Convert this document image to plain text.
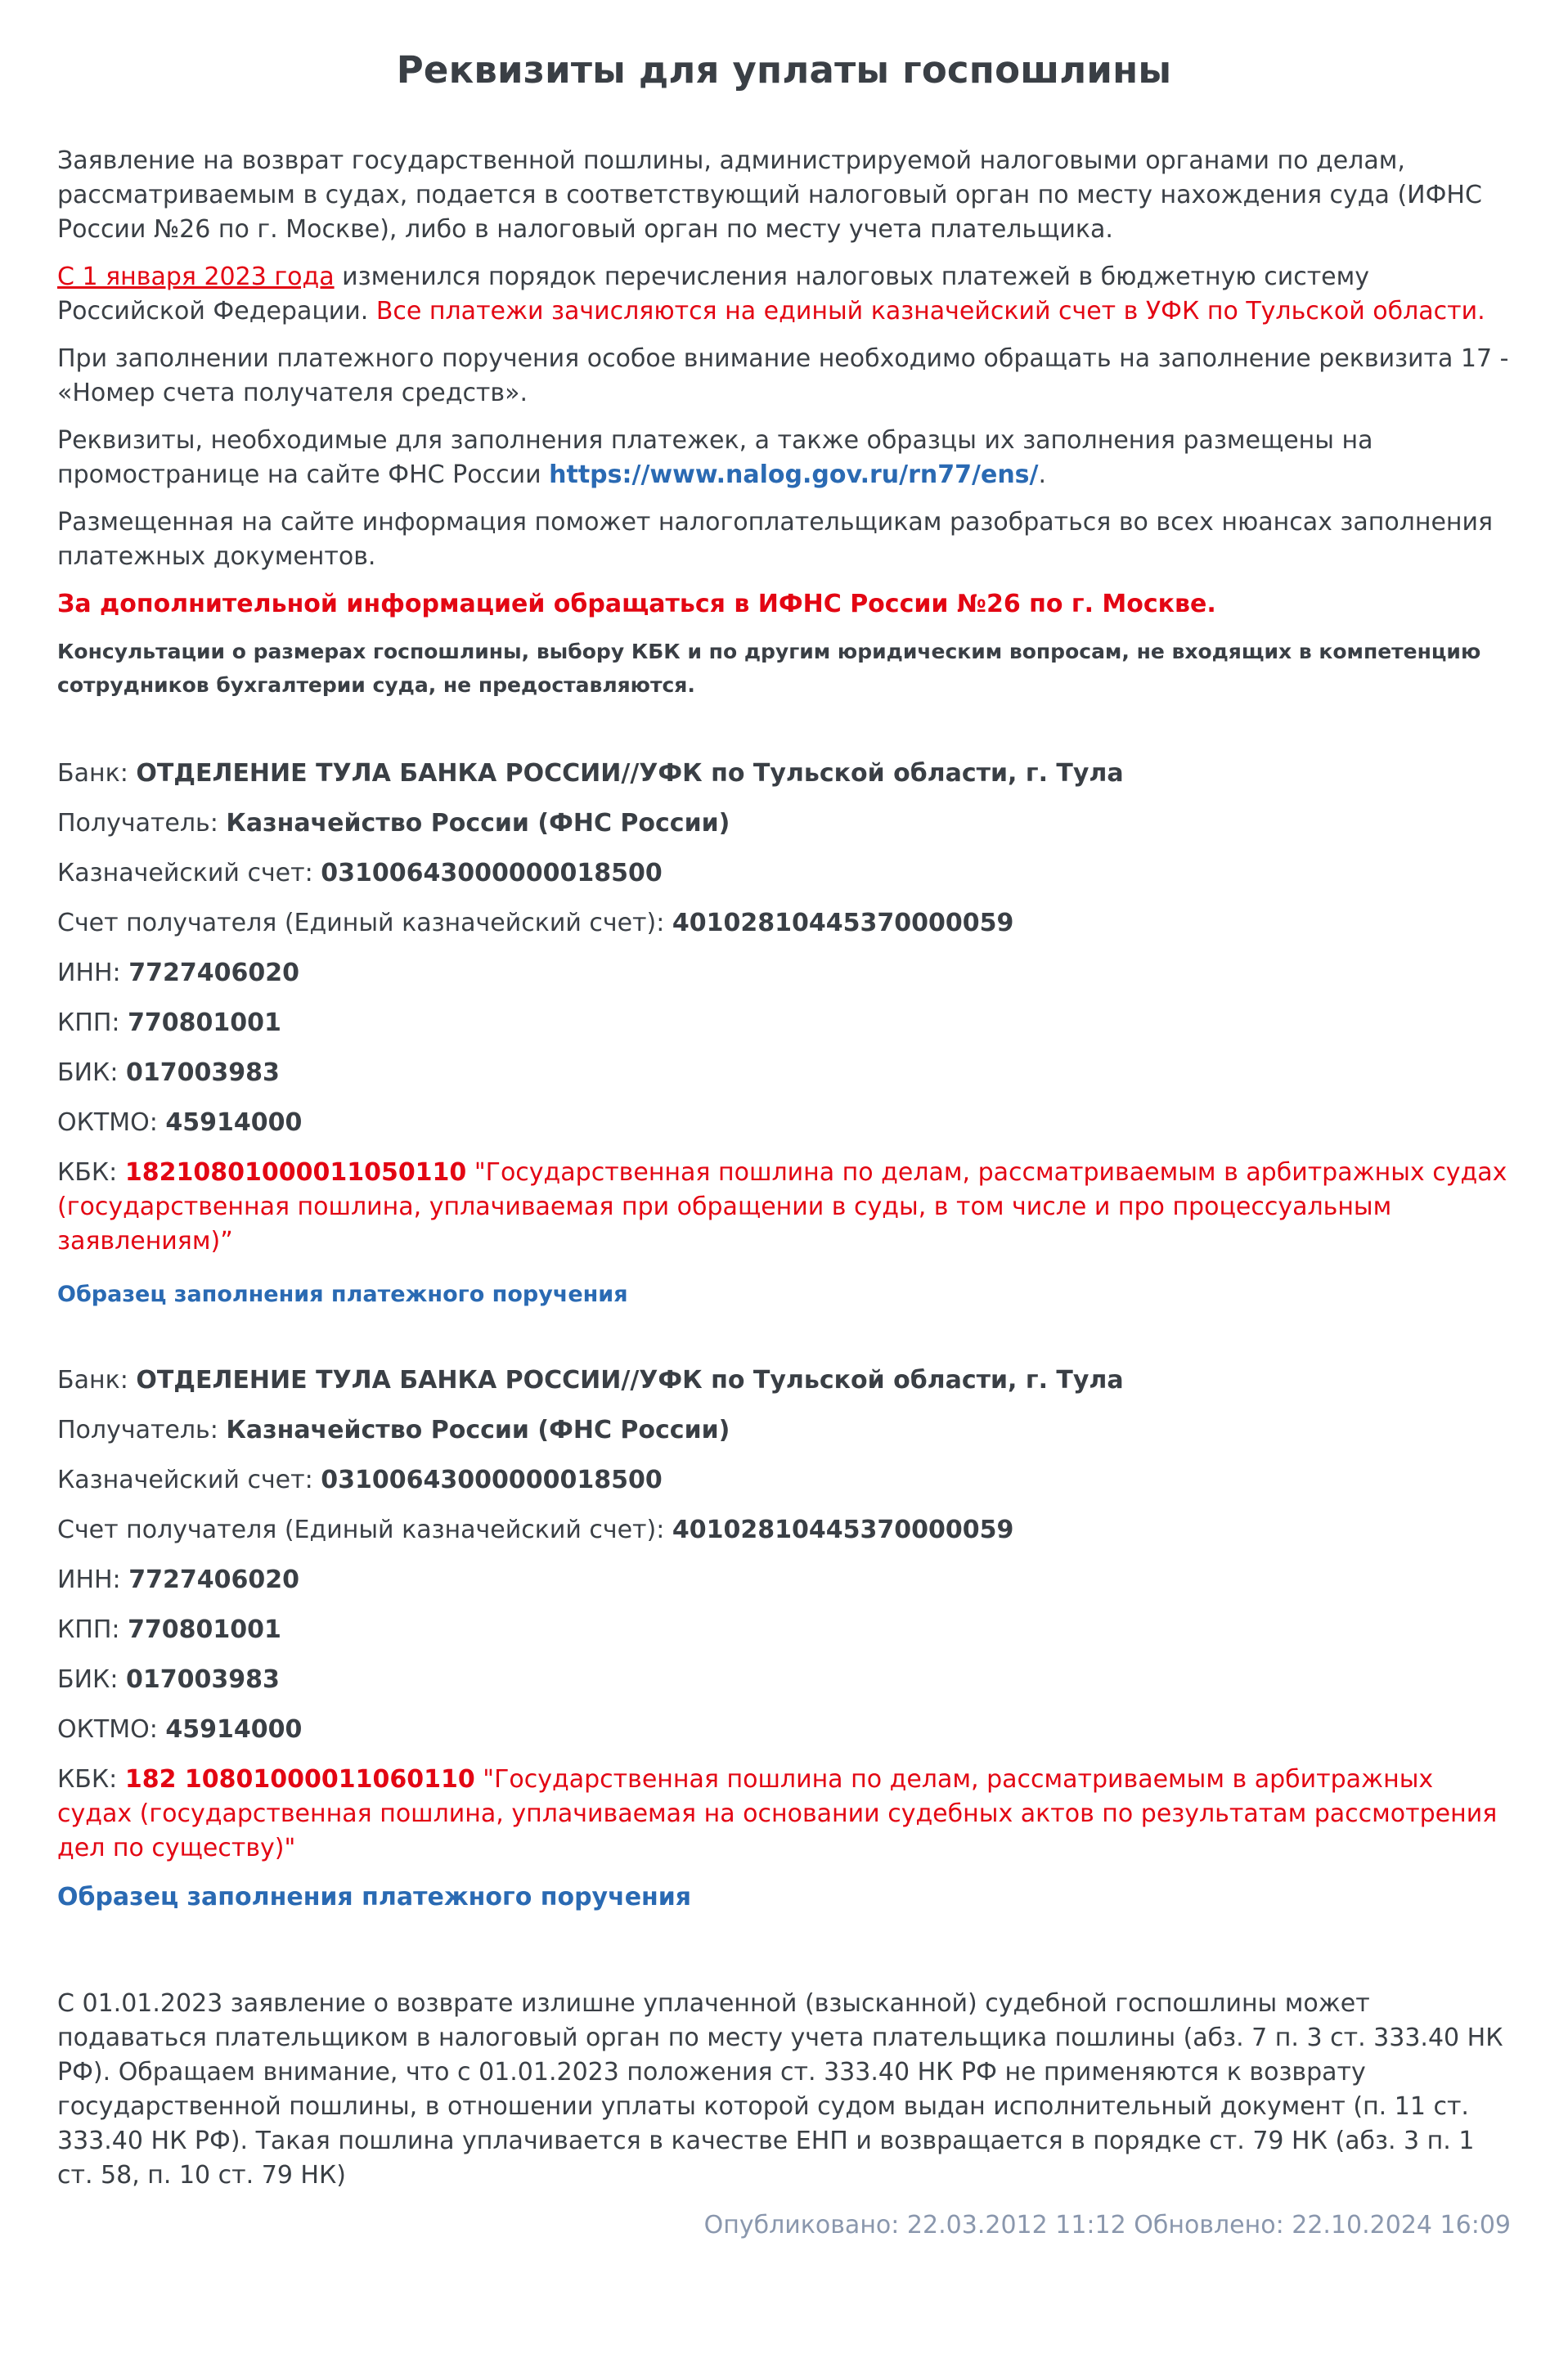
Реквизиты для уплаты госпошлины

Заявление на возврат государственной пошлины, администрируемой налоговыми органами по делам, рассматриваемым в судах, подается в соответствующий налоговый орган по месту нахождения суда (ИФНС России №26 по г. Москве), либо в налоговый орган по месту учета плательщика.

С 1 января 2023 года изменился порядок перечисления налоговых платежей в бюджетную систему Российской Федерации. Все платежи зачисляются на единый казначейский счет в УФК по Тульской области.

При заполнении платежного поручения особое внимание необходимо обращать на заполнение реквизита 17 - «Номер счета получателя средств».

Реквизиты, необходимые для заполнения платежек, а также образцы их заполнения размещены на промостранице на сайте ФНС России https://www.nalog.gov.ru/rn77/ens/.

Размещенная на сайте информация поможет налогоплательщикам разобраться во всех нюансах заполнения платежных документов.

За дополнительной информацией обращаться в ИФНС России №26 по г. Москве.

Консультации о размерах госпошлины, выбору КБК и по другим юридическим вопросам, не входящих в компетенцию сотрудников бухгалтерии суда, не предоставляются.

Банк: ОТДЕЛЕНИЕ ТУЛА БАНКА РОССИИ//УФК по Тульской области, г. Тула

Получатель: Казначейство России (ФНС России)

Казначейский счет: 03100643000000018500

Счет получателя (Единый казначейский счет): 40102810445370000059

ИНН: 7727406020

КПП: 770801001

БИК: 017003983

ОКТМО: 45914000

КБК: 18210801000011050110 "Государственная пошлина по делам, рассматриваемым в арбитражных судах (государственная пошлина, уплачиваемая при обращении в суды, в том числе и про процессуальным заявлениям)”

Образец заполнения платежного поручения

Банк: ОТДЕЛЕНИЕ ТУЛА БАНКА РОССИИ//УФК по Тульской области, г. Тула

Получатель: Казначейство России (ФНС России)

Казначейский счет: 03100643000000018500

Счет получателя (Единый казначейский счет): 40102810445370000059

ИНН: 7727406020

КПП: 770801001

БИК: 017003983

ОКТМО: 45914000

КБК: 182 10801000011060110 "Государственная пошлина по делам, рассматриваемым в арбитражных судах (государственная пошлина, уплачиваемая на основании судебных актов по результатам рассмотрения дел по существу)"

Образец заполнения платежного поручения

С 01.01.2023 заявление о возврате излишне уплаченной (взысканной) судебной госпошлины может подаваться плательщиком в налоговый орган по месту учета плательщика пошлины (абз. 7 п. 3 ст. 333.40 НК РФ). Обращаем внимание, что с 01.01.2023 положения ст. 333.40 НК РФ не применяются к возврату государственной пошлины, в отношении уплаты которой судом выдан исполнительный документ (п. 11 ст. 333.40 НК РФ). Такая пошлина уплачивается в качестве ЕНП и возвращается в порядке ст. 79 НК (абз. 3 п. 1 ст. 58, п. 10 ст. 79 НК)

Опубликовано: 22.03.2012 11:12 Обновлено: 22.10.2024 16:09
